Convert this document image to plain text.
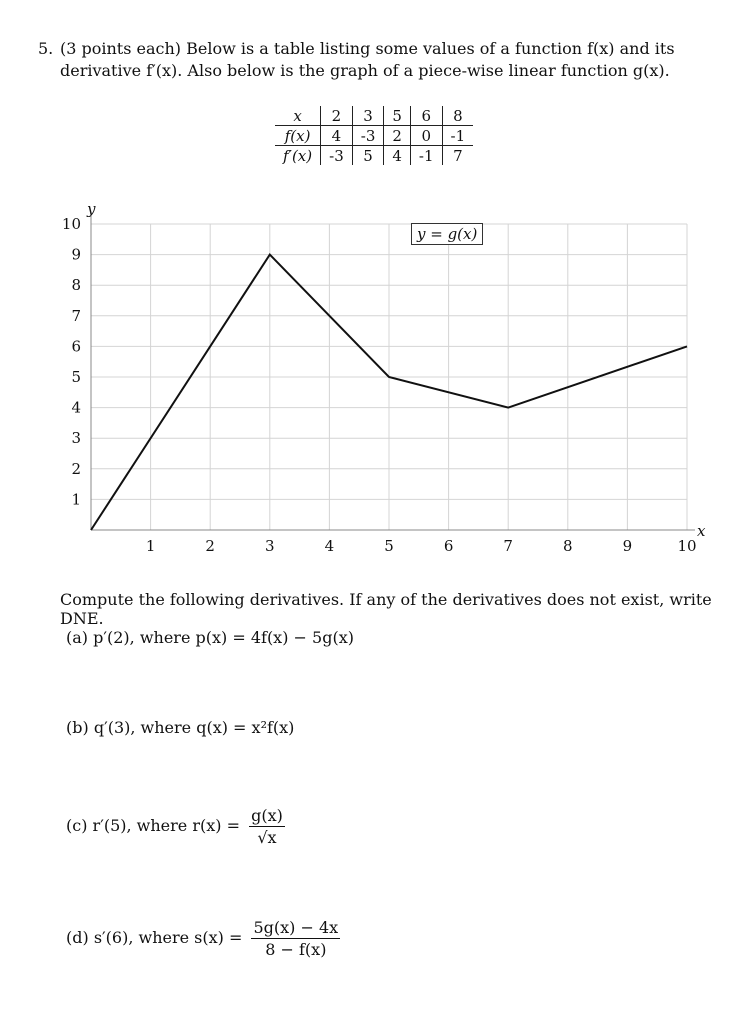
5. (3 points each) Below is a table listing some values of a function f(x) and its derivative f′(x). Also below is the graph of a piece-wise linear function g(x).
x	2	3	5	6	8
f(x)	4	-3	2	0	-1
f′(x)	-3	5	4	-1	7
1	2	3	4	5	6	7	8	9	10
1
2
3
4
5
6
7
8
9
10
x
y
y = g(x)
Compute the following derivatives. If any of the derivatives does not exist, write DNE.
(a) p′(2), where p(x) = 4f(x) − 5g(x)
(b) q′(3), where q(x) = x²f(x)
(c) r′(5), where $r(x) = \frac{g(x)}{√x}$
(d) s′(6), where $s(x) = \frac{5g(x) - 4x}{8 - f(x)}$
